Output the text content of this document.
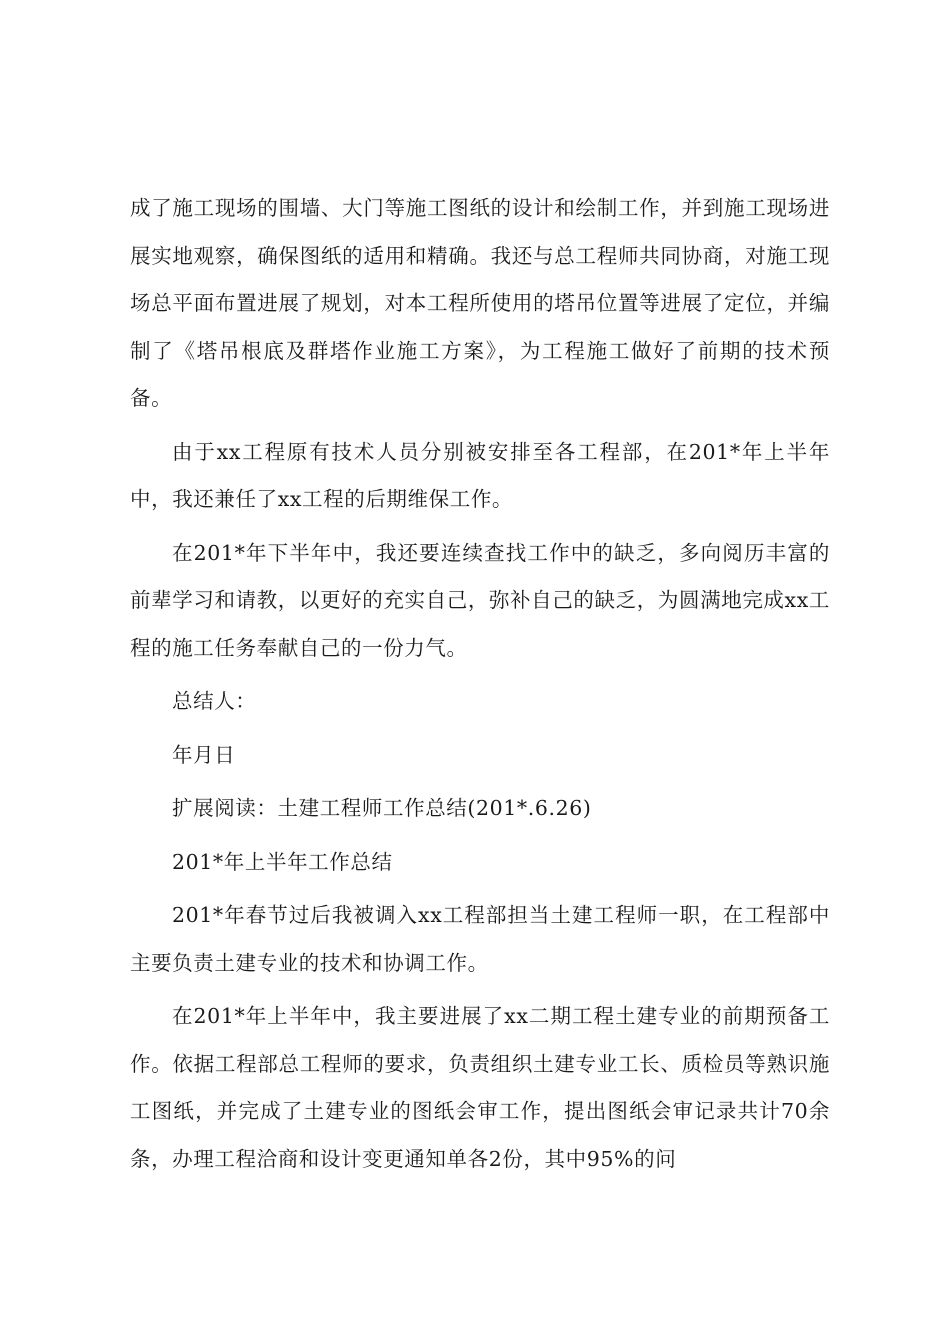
成了施工现场的围墙、大门等施工图纸的设计和绘制工作，并到施工现场进展实地观察，确保图纸的适用和精确。我还与总工程师共同协商，对施工现场总平面布置进展了规划，对本工程所使用的塔吊位置等进展了定位，并编制了《塔吊根底及群塔作业施工方案》，为工程施工做好了前期的技术预备。

由于xx工程原有技术人员分别被安排至各工程部，在201*年上半年中，我还兼任了xx工程的后期维保工作。

在201*年下半年中，我还要连续查找工作中的缺乏，多向阅历丰富的前辈学习和请教，以更好的充实自己，弥补自己的缺乏，为圆满地完成xx工程的施工任务奉献自己的一份力气。

总结人：

年月日

扩展阅读：土建工程师工作总结(201*.6.26)

201*年上半年工作总结

201*年春节过后我被调入xx工程部担当土建工程师一职，在工程部中主要负责土建专业的技术和协调工作。

在201*年上半年中，我主要进展了xx二期工程土建专业的前期预备工作。依据工程部总工程师的要求，负责组织土建专业工长、质检员等熟识施工图纸，并完成了土建专业的图纸会审工作，提出图纸会审记录共计70余条，办理工程洽商和设计变更通知单各2份，其中95%的问
